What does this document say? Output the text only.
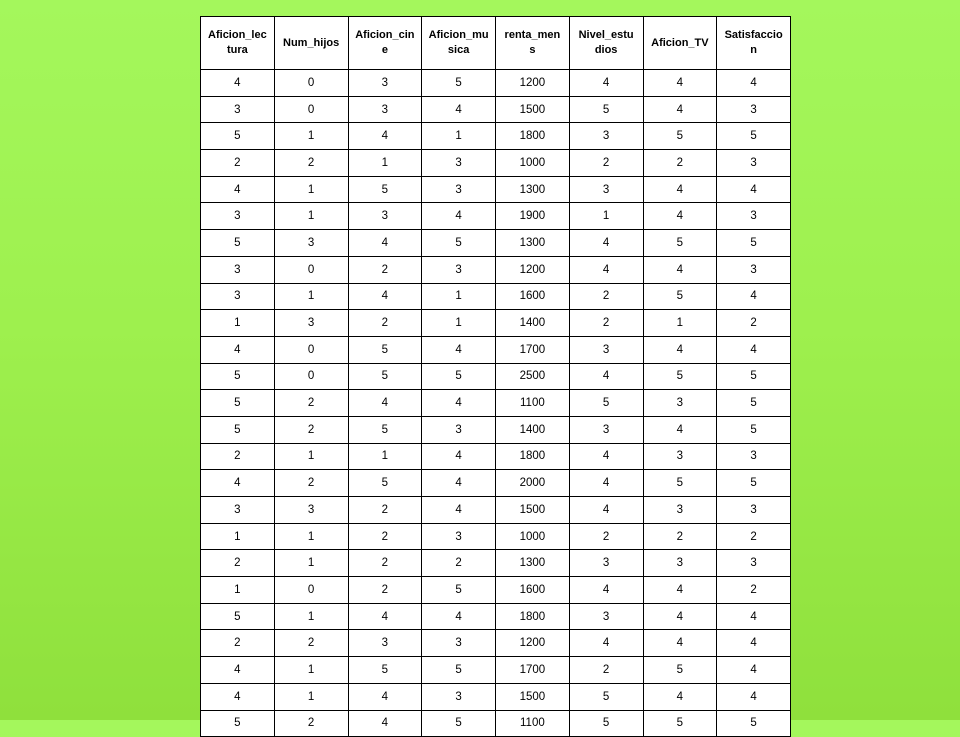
Aficion_lectura	Num_hijos	Aficion_cine	Aficion_musica	renta_mens	Nivel_estudios	Aficion_TV	Satisfaccion
4	0	3	5	1200	4	4	4
3	0	3	4	1500	5	4	3
5	1	4	1	1800	3	5	5
2	2	1	3	1000	2	2	3
4	1	5	3	1300	3	4	4
3	1	3	4	1900	1	4	3
5	3	4	5	1300	4	5	5
3	0	2	3	1200	4	4	3
3	1	4	1	1600	2	5	4
1	3	2	1	1400	2	1	2
4	0	5	4	1700	3	4	4
5	0	5	5	2500	4	5	5
5	2	4	4	1100	5	3	5
5	2	5	3	1400	3	4	5
2	1	1	4	1800	4	3	3
4	2	5	4	2000	4	5	5
3	3	2	4	1500	4	3	3
1	1	2	3	1000	2	2	2
2	1	2	2	1300	3	3	3
1	0	2	5	1600	4	4	2
5	1	4	4	1800	3	4	4
2	2	3	3	1200	4	4	4
4	1	5	5	1700	2	5	4
4	1	4	3	1500	5	4	4
5	2	4	5	1100	5	5	5
